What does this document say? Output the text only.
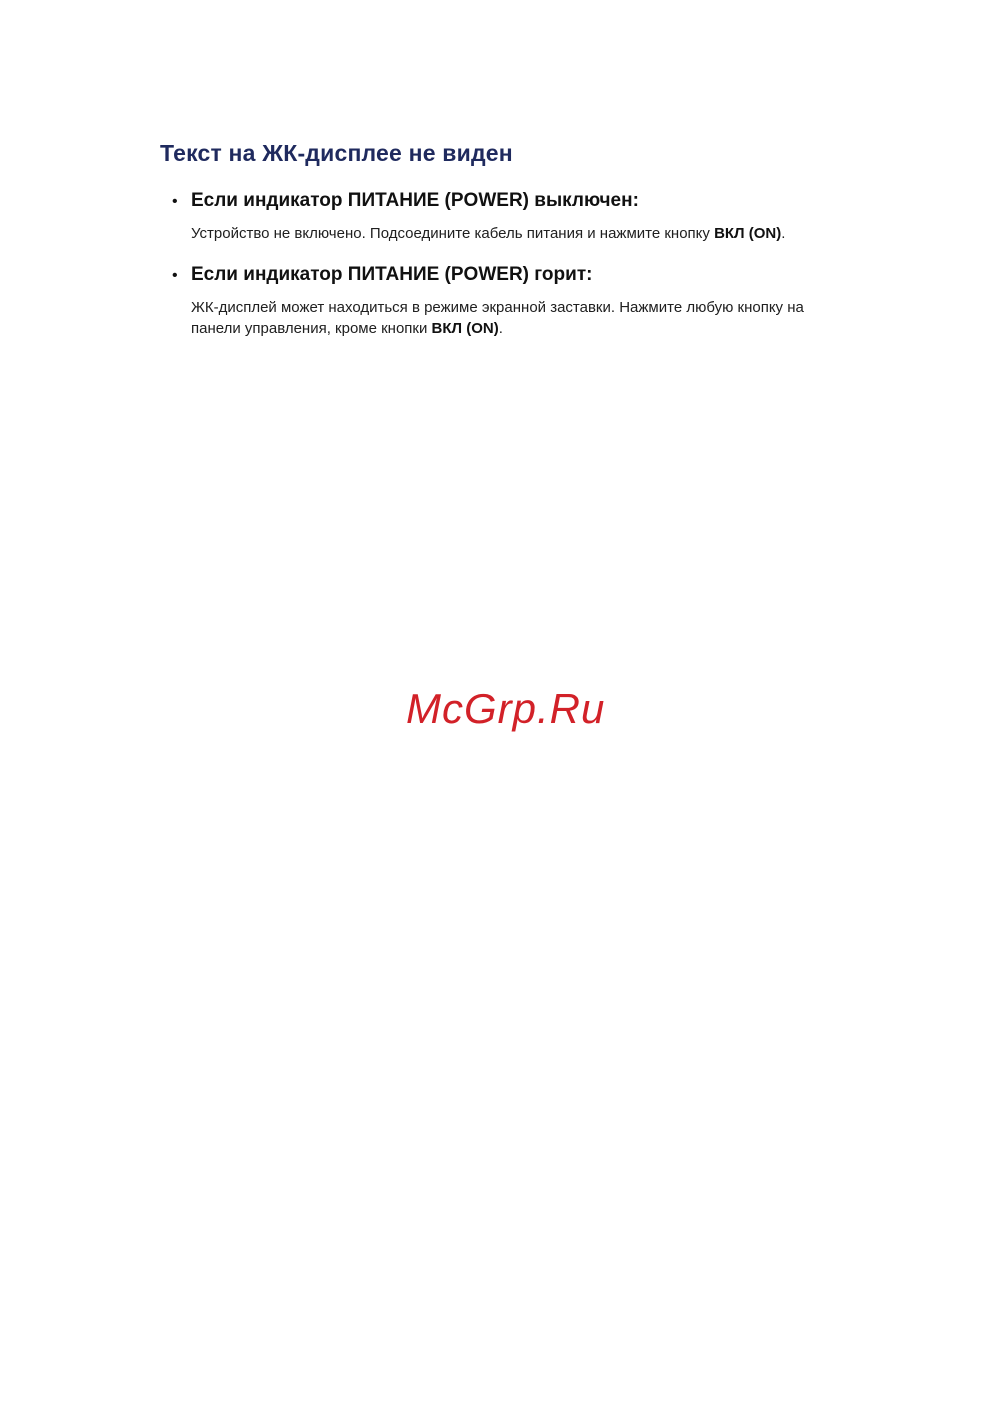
Текст на ЖК-дисплее не виден
• Если индикатор ПИТАНИЕ (POWER) выключен:

Устройство не включено. Подсоедините кабель питания и нажмите кнопку ВКЛ (ON).

• Если индикатор ПИТАНИЕ (POWER) горит:

ЖК-дисплей может находиться в режиме экранной заставки. Нажмите любую кнопку на
панели управления, кроме кнопки ВКЛ (ON).

McGrp.Ru
